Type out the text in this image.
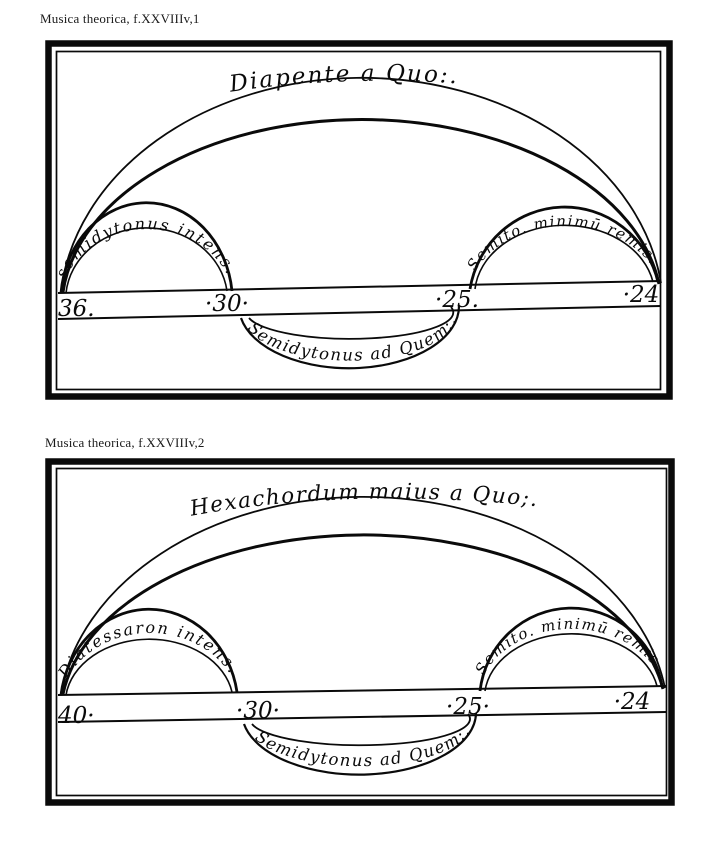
Musica theorica, f.XXVIIIv,1
Diapente a Quo:.
semidytonus intens.	Semito. minimū remis.
Semidytonus ad Quem:.
36.	·30·	·25.	·24
Musica theorica, f.XXVIIIv,2
Hexachordum maius a Quo;.
Diatessaron intens.	Semito. minimū remis.
Semidytonus ad Quem:.
40·	·30·	·25·	·24
